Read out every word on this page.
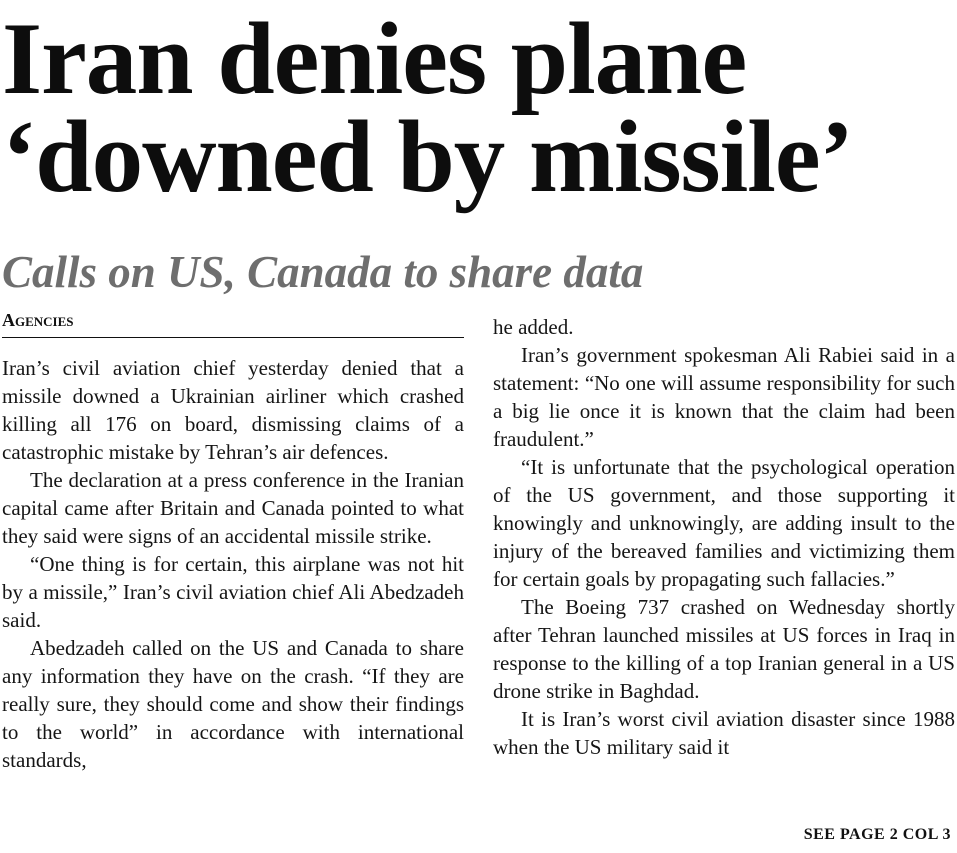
Iran denies plane
‘downed by missile’
Calls on US, Canada to share data
Agencies

Iran’s civil aviation chief yesterday denied that a missile downed a Ukrainian airliner which crashed killing all 176 on board, dismissing claims of a catastrophic mistake by Tehran’s air defences.

The declaration at a press conference in the Iranian capital came after Britain and Canada pointed to what they said were signs of an accidental missile strike.

“One thing is for certain, this airplane was not hit by a missile,” Iran’s civil aviation chief Ali Abedzadeh said.

Abedzadeh called on the US and Canada to share any information they have on the crash. “If they are really sure, they should come and show their findings to the world” in accordance with international standards,

he added.

Iran’s government spokesman Ali Rabiei said in a statement: “No one will assume responsibility for such a big lie once it is known that the claim had been fraudulent.”

“It is unfortunate that the psychological operation of the US government, and those supporting it knowingly and unknowingly, are adding insult to the injury of the bereaved families and victimizing them for certain goals by propagating such fallacies.”

The Boeing 737 crashed on Wednesday shortly after Tehran launched missiles at US forces in Iraq in response to the killing of a top Iranian general in a US drone strike in Baghdad.

It is Iran’s worst civil aviation disaster since 1988 when the US military said it

SEE PAGE 2 COL 3
